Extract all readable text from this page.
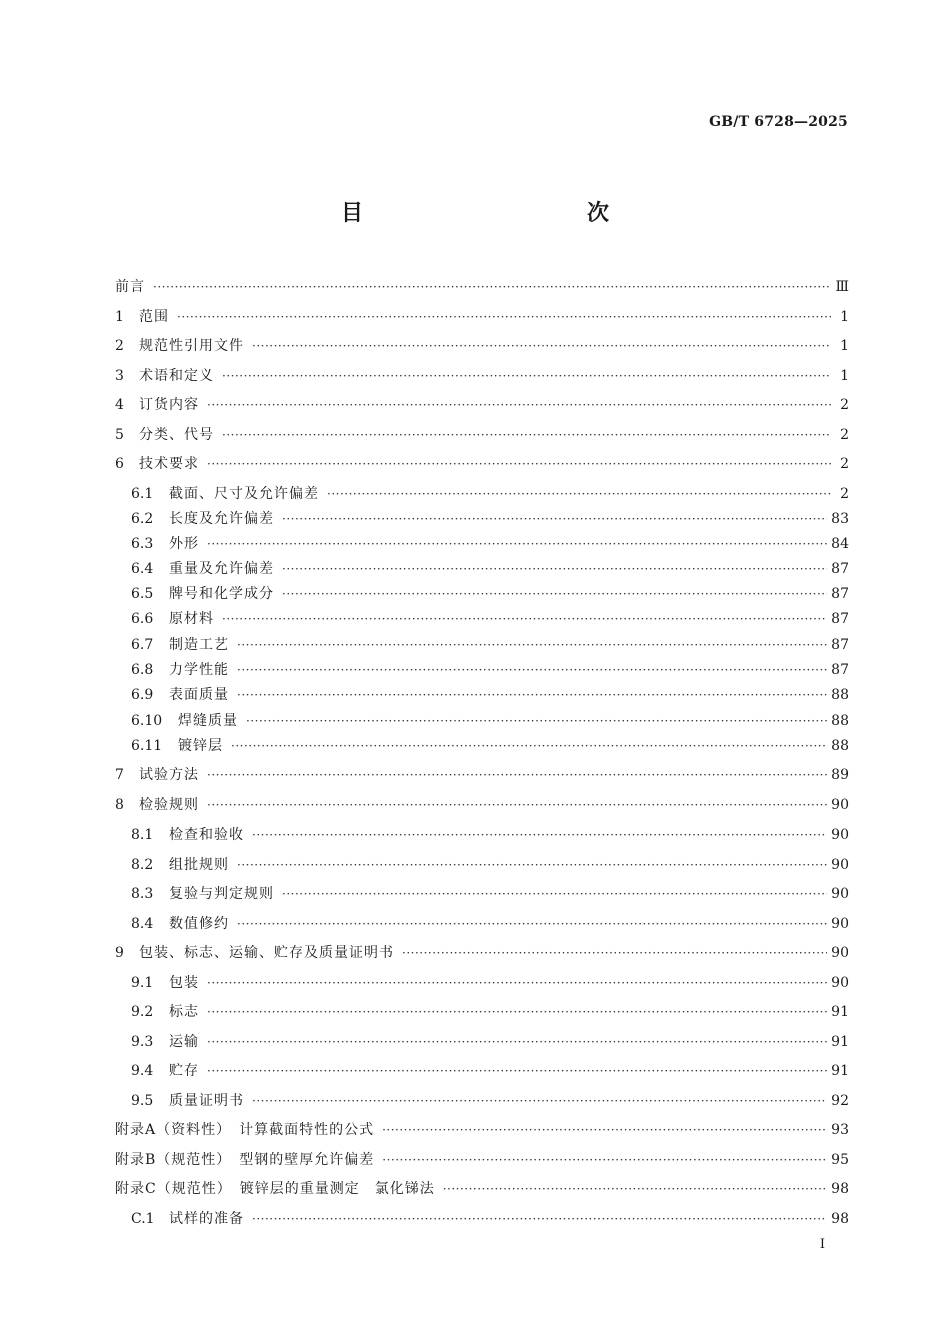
GB/T 6728—2025
目　　次
前言 ·····	Ⅲ
1	范围 ·····	1
2	规范性引用文件 ·····	1
3	术语和定义 ·····	1
4	订货内容 ·····	2
5	分类、代号 ·····	2
6	技术要求 ·····	2
6.1	截面、尺寸及允许偏差 ·····	2
6.2	长度及允许偏差 ·····	83
6.3	外形 ·····	84
6.4	重量及允许偏差 ·····	87
6.5	牌号和化学成分 ·····	87
6.6	原材料 ·····	87
6.7	制造工艺 ·····	87
6.8	力学性能 ·····	87
6.9	表面质量 ·····	88
6.10	焊缝质量 ·····	88
6.11	镀锌层 ·····	88
7	试验方法 ·····	89
8	检验规则 ·····	90
8.1	检查和验收 ·····	90
8.2	组批规则 ·····	90
8.3	复验与判定规则 ·····	90
8.4	数值修约 ·····	90
9	包装、标志、运输、贮存及质量证明书 ·····	90
9.1	包装 ·····	90
9.2	标志 ·····	91
9.3	运输 ·····	91
9.4	贮存 ·····	91
9.5	质量证明书 ·····	92
附录A（资料性）　计算截面特性的公式 ·····	93
附录B（规范性）　型钢的壁厚允许偏差 ·····	95
附录C（规范性）　镀锌层的重量测定　氯化锑法 ·····	98
C.1	试样的准备 ·····	98
Ⅰ
